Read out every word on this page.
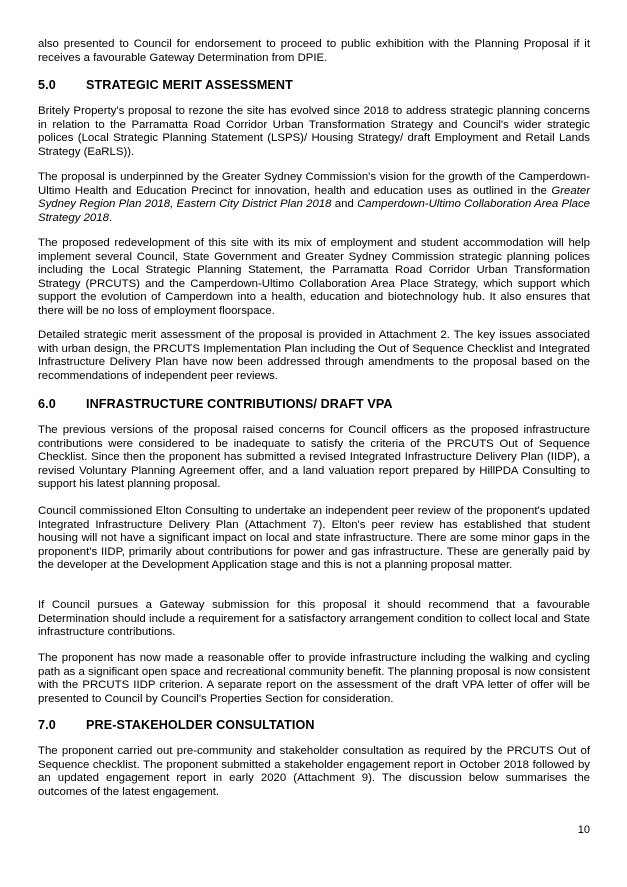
also presented to Council for endorsement to proceed to public exhibition with the Planning Proposal if it receives a favourable Gateway Determination from DPIE.

5.0 STRATEGIC MERIT ASSESSMENT

Britely Property's proposal to rezone the site has evolved since 2018 to address strategic planning concerns in relation to the Parramatta Road Corridor Urban Transformation Strategy and Council's wider strategic polices (Local Strategic Planning Statement (LSPS)/ Housing Strategy/ draft Employment and Retail Lands Strategy (EaRLS)).

The proposal is underpinned by the Greater Sydney Commission's vision for the growth of the Camperdown-Ultimo Health and Education Precinct for innovation, health and education uses as outlined in the Greater Sydney Region Plan 2018, Eastern City District Plan 2018 and Camperdown-Ultimo Collaboration Area Place Strategy 2018.

The proposed redevelopment of this site with its mix of employment and student accommodation will help implement several Council, State Government and Greater Sydney Commission strategic planning polices including the Local Strategic Planning Statement, the Parramatta Road Corridor Urban Transformation Strategy (PRCUTS) and the Camperdown-Ultimo Collaboration Area Place Strategy, which support which support the evolution of Camperdown into a health, education and biotechnology hub. It also ensures that there will be no loss of employment floorspace.

Detailed strategic merit assessment of the proposal is provided in Attachment 2. The key issues associated with urban design, the PRCUTS Implementation Plan including the Out of Sequence Checklist and Integrated Infrastructure Delivery Plan have now been addressed through amendments to the proposal based on the recommendations of independent peer reviews.

6.0 INFRASTRUCTURE CONTRIBUTIONS/ DRAFT VPA

The previous versions of the proposal raised concerns for Council officers as the proposed infrastructure contributions were considered to be inadequate to satisfy the criteria of the PRCUTS Out of Sequence Checklist. Since then the proponent has submitted a revised Integrated Infrastructure Delivery Plan (IIDP), a revised Voluntary Planning Agreement offer, and a land valuation report prepared by HillPDA Consulting to support his latest planning proposal.

Council commissioned Elton Consulting to undertake an independent peer review of the proponent's updated Integrated Infrastructure Delivery Plan (Attachment 7). Elton's peer review has established that student housing will not have a significant impact on local and state infrastructure. There are some minor gaps in the proponent's IIDP, primarily about contributions for power and gas infrastructure. These are generally paid by the developer at the Development Application stage and this is not a planning proposal matter.

If Council pursues a Gateway submission for this proposal it should recommend that a favourable Determination should include a requirement for a satisfactory arrangement condition to collect local and State infrastructure contributions.

The proponent has now made a reasonable offer to provide infrastructure including the walking and cycling path as a significant open space and recreational community benefit. The planning proposal is now consistent with the PRCUTS IIDP criterion. A separate report on the assessment of the draft VPA letter of offer will be presented to Council by Council's Properties Section for consideration.

7.0 PRE-STAKEHOLDER CONSULTATION

The proponent carried out pre-community and stakeholder consultation as required by the PRCUTS Out of Sequence checklist. The proponent submitted a stakeholder engagement report in October 2018 followed by an updated engagement report in early 2020 (Attachment 9). The discussion below summarises the outcomes of the latest engagement.

10
